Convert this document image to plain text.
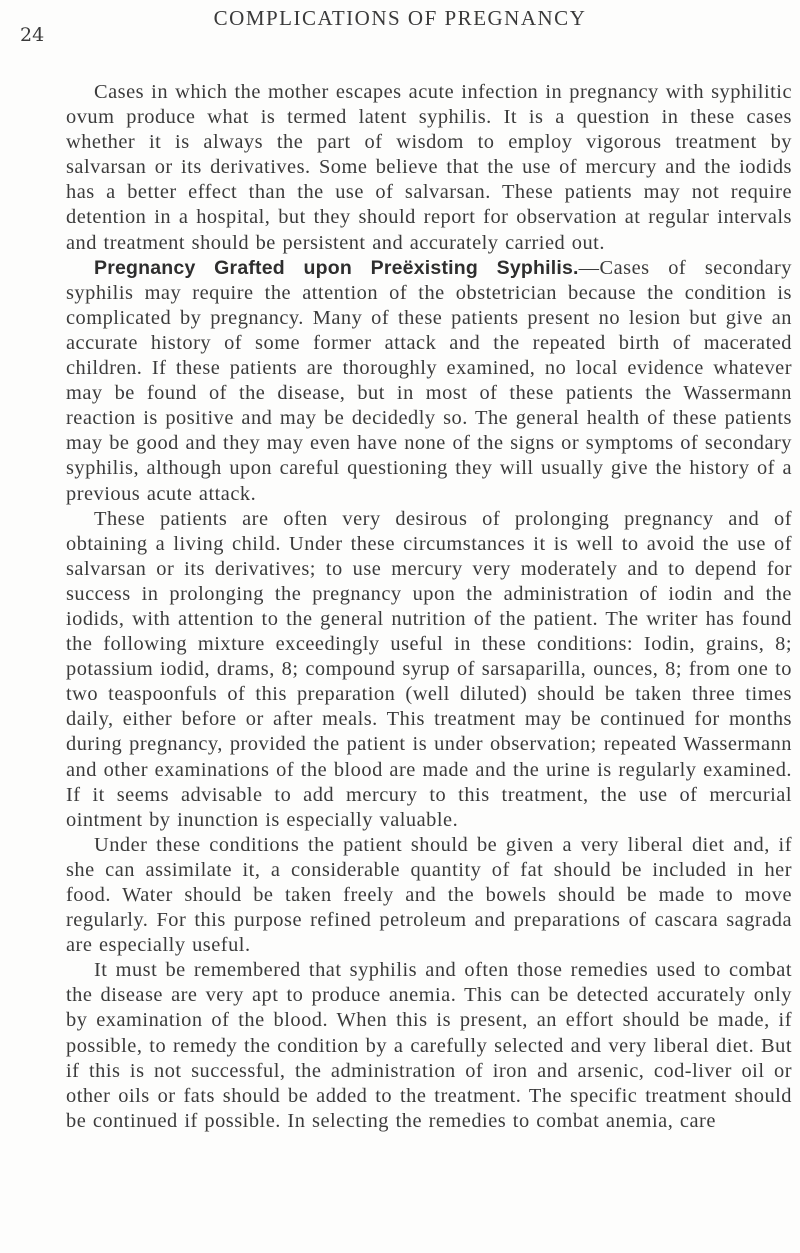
24
COMPLICATIONS OF PREGNANCY

Cases in which the mother escapes acute infection in pregnancy with syphilitic ovum produce what is termed latent syphilis. It is a question in these cases whether it is always the part of wisdom to employ vigorous treatment by salvarsan or its derivatives. Some believe that the use of mercury and the iodids has a better effect than the use of salvarsan. These patients may not require detention in a hospital, but they should report for observation at regular intervals and treatment should be persistent and accurately carried out.

Pregnancy Grafted upon Preëxisting Syphilis.—Cases of secondary syphilis may require the attention of the obstetrician because the condition is complicated by pregnancy. Many of these patients present no lesion but give an accurate history of some former attack and the repeated birth of macerated children. If these patients are thoroughly examined, no local evidence whatever may be found of the disease, but in most of these patients the Wassermann reaction is positive and may be decidedly so. The general health of these patients may be good and they may even have none of the signs or symptoms of secondary syphilis, although upon careful questioning they will usually give the history of a previous acute attack.

These patients are often very desirous of prolonging pregnancy and of obtaining a living child. Under these circumstances it is well to avoid the use of salvarsan or its derivatives; to use mercury very moderately and to depend for success in prolonging the pregnancy upon the administration of iodin and the iodids, with attention to the general nutrition of the patient. The writer has found the following mixture exceedingly useful in these conditions: Iodin, grains, 8; potassium iodid, drams, 8; compound syrup of sarsaparilla, ounces, 8; from one to two teaspoonfuls of this preparation (well diluted) should be taken three times daily, either before or after meals. This treatment may be continued for months during pregnancy, provided the patient is under observation; repeated Wassermann and other examinations of the blood are made and the urine is regularly examined. If it seems advisable to add mercury to this treatment, the use of mercurial ointment by inunction is especially valuable.

Under these conditions the patient should be given a very liberal diet and, if she can assimilate it, a considerable quantity of fat should be included in her food. Water should be taken freely and the bowels should be made to move regularly. For this purpose refined petroleum and preparations of cascara sagrada are especially useful.

It must be remembered that syphilis and often those remedies used to combat the disease are very apt to produce anemia. This can be detected accurately only by examination of the blood. When this is present, an effort should be made, if possible, to remedy the condition by a carefully selected and very liberal diet. But if this is not successful, the administration of iron and arsenic, cod-liver oil or other oils or fats should be added to the treatment. The specific treatment should be continued if possible. In selecting the remedies to combat anemia, care
